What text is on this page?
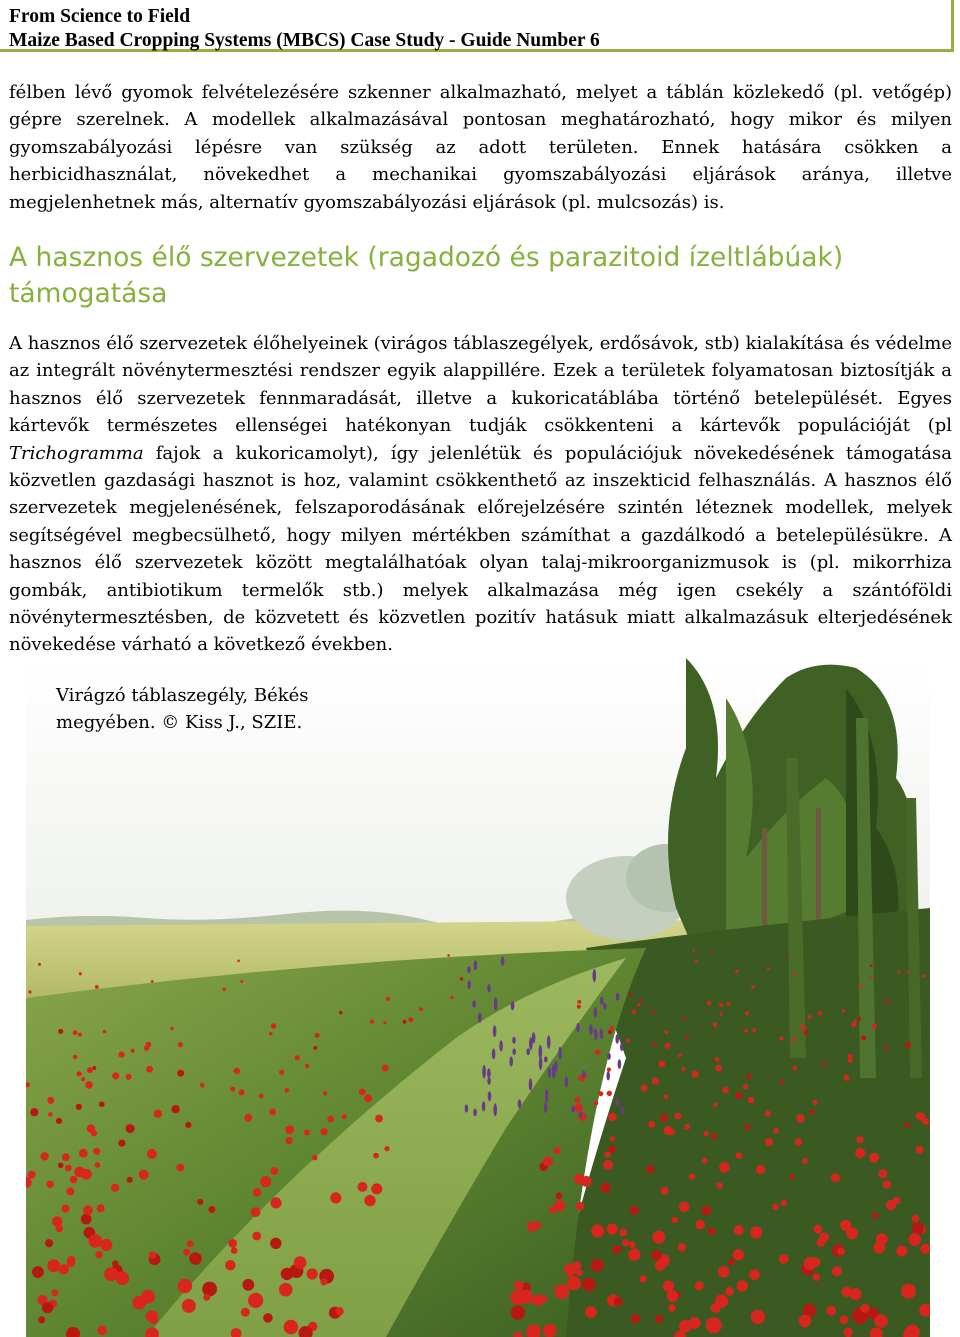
From Science to Field
Maize Based Cropping Systems (MBCS) Case Study - Guide Number 6

félben lévő gyomok felvételezésére szkenner alkalmazható, melyet a táblán közlekedő (pl. vetőgép) gépre szerelnek. A modellek alkalmazásával pontosan meghatározható, hogy mikor és milyen gyomszabályozási lépésre van szükség az adott területen. Ennek hatására csökken a herbicidhasználat, növekedhet a mechanikai gyomszabályozási eljárások aránya, illetve megjelenhetnek más, alternatív gyomszabályozási eljárások (pl. mulcsozás) is.

A hasznos élő szervezetek (ragadozó és parazitoid ízeltlábúak) támogatása

A hasznos élő szervezetek élőhelyeinek (virágos táblaszegélyek, erdősávok, stb) kialakítása és védelme az integrált növénytermesztési rendszer egyik alappillére. Ezek a területek folyamatosan biztosítják a hasznos élő szervezetek fennmaradását, illetve a kukoricatáblába történő betelepülését. Egyes kártevők természetes ellenségei hatékonyan tudják csökkenteni a kártevők populációját (pl Trichogramma fajok a kukoricamolyt), így jelenlétük és populációjuk növekedésének támogatása közvetlen gazdasági hasznot is hoz, valamint csökkenthető az inszekticid felhasználás. A hasznos élő szervezetek megjelenésének, felszaporodásának előrejelzésére szintén léteznek modellek, melyek segítségével megbecsülhető, hogy milyen mértékben számíthat a gazdálkodó a betelepülésükre. A hasznos élő szervezetek között megtalálhatóak olyan talaj-mikroorganizmusok is (pl. mikorrhiza gombák, antibiotikum termelők stb.) melyek alkalmazása még igen csekély a szántóföldi növénytermesztésben, de közvetett és közvetlen pozitív hatásuk miatt alkalmazásuk elterjedésének növekedése várható a következő években.

Virágzó táblaszegély, Békés
megyében. © Kiss J., SZIE.
